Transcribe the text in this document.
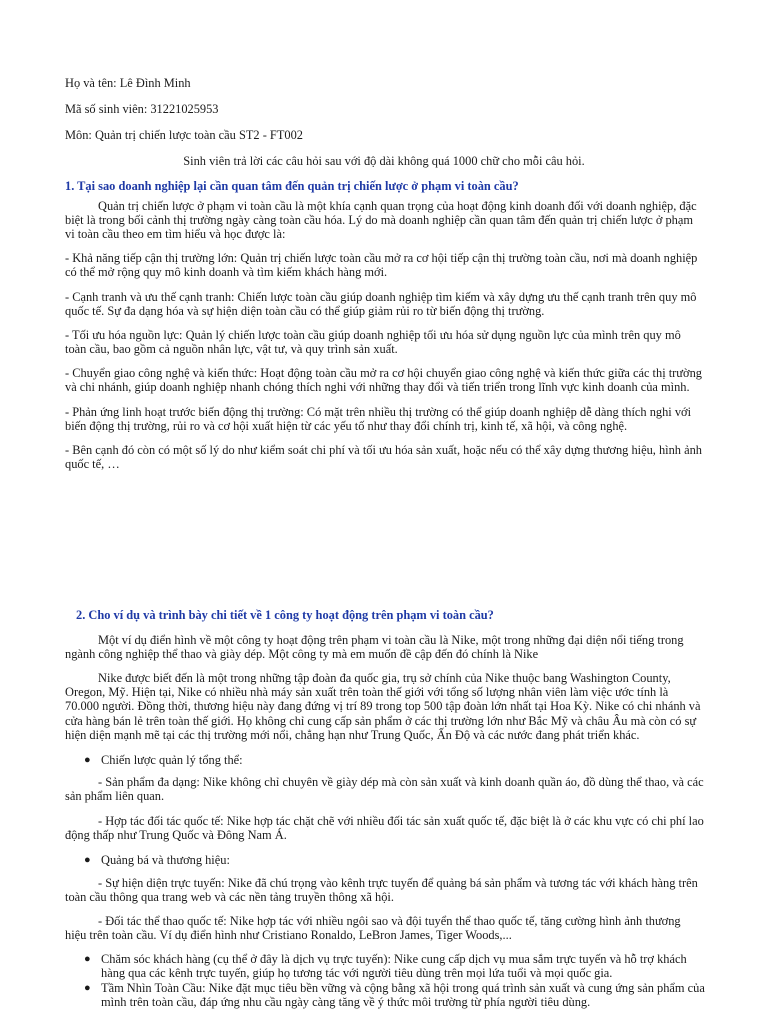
Họ và tên: Lê Đình Minh

Mã số sinh viên: 31221025953

Môn: Quản trị chiến lược toàn cầu ST2 - FT002

Sinh viên trả lời các câu hỏi sau với độ dài không quá 1000 chữ cho mỗi câu hỏi.

1. Tại sao doanh nghiệp lại cần quan tâm đến quản trị chiến lược ở phạm vi toàn cầu?

Quản trị chiến lược ở phạm vi toàn cầu là một khía cạnh quan trọng của hoạt động kinh doanh đối với doanh nghiệp, đặc biệt là trong bối cảnh thị trường ngày càng toàn cầu hóa. Lý do mà doanh nghiệp cần quan tâm đến quản trị chiến lược ở phạm vi toàn cầu theo em tìm hiểu và học được là:

- Khả năng tiếp cận thị trường lớn: Quản trị chiến lược toàn cầu mở ra cơ hội tiếp cận thị trường toàn cầu, nơi mà doanh nghiệp có thể mở rộng quy mô kinh doanh và tìm kiếm khách hàng mới.

- Cạnh tranh và ưu thế cạnh tranh: Chiến lược toàn cầu giúp doanh nghiệp tìm kiếm và xây dựng ưu thế cạnh tranh trên quy mô quốc tế. Sự đa dạng hóa và sự hiện diện toàn cầu có thể giúp giảm rủi ro từ biến động thị trường.

- Tối ưu hóa nguồn lực: Quản lý chiến lược toàn cầu giúp doanh nghiệp tối ưu hóa sử dụng nguồn lực của mình trên quy mô toàn cầu, bao gồm cả nguồn nhân lực, vật tư, và quy trình sản xuất.

- Chuyển giao công nghệ và kiến thức: Hoạt động toàn cầu mở ra cơ hội chuyển giao công nghệ và kiến thức giữa các thị trường và chi nhánh, giúp doanh nghiệp nhanh chóng thích nghi với những thay đổi và tiến triển trong lĩnh vực kinh doanh của mình.

- Phản ứng linh hoạt trước biến động thị trường: Có mặt trên nhiều thị trường có thể giúp doanh nghiệp dễ dàng thích nghi với biến động thị trường, rủi ro và cơ hội xuất hiện từ các yếu tố như thay đổi chính trị, kinh tế, xã hội, và công nghệ.

- Bên cạnh đó còn có một số lý do như kiểm soát chi phí và tối ưu hóa sản xuất, hoặc nếu có thể xây dựng thương hiệu, hình ảnh quốc tế, …

2. Cho ví dụ và trình bày chi tiết về 1 công ty hoạt động trên phạm vi toàn cầu?

Một ví dụ điển hình về một công ty hoạt động trên phạm vi toàn cầu là Nike, một trong những đại diện nổi tiếng trong ngành công nghiệp thể thao và giày dép. Một công ty mà em muốn đề cập đến đó chính là Nike

Nike được biết đến là một trong những tập đoàn đa quốc gia, trụ sở chính của Nike thuộc bang Washington County, Oregon, Mỹ. Hiện tại, Nike có nhiều nhà máy sản xuất trên toàn thế giới với tổng số lượng nhân viên làm việc ước tính là 70.000 người. Đồng thời, thương hiệu này đang đứng vị trí 89 trong top 500 tập đoàn lớn nhất tại Hoa Kỳ. Nike có chi nhánh và cửa hàng bán lẻ trên toàn thế giới. Họ không chỉ cung cấp sản phẩm ở các thị trường lớn như Bắc Mỹ và châu Âu mà còn có sự hiện diện mạnh mẽ tại các thị trường mới nổi, chẳng hạn như Trung Quốc, Ấn Độ và các nước đang phát triển khác.

● Chiến lược quản lý tổng thể:

- Sản phẩm đa dạng: Nike không chỉ chuyên về giày dép mà còn sản xuất và kinh doanh quần áo, đồ dùng thể thao, và các sản phẩm liên quan.

- Hợp tác đối tác quốc tế: Nike hợp tác chặt chẽ với nhiều đối tác sản xuất quốc tế, đặc biệt là ở các khu vực có chi phí lao động thấp như Trung Quốc và Đông Nam Á.

● Quảng bá và thương hiệu:

- Sự hiện diện trực tuyến: Nike đã chú trọng vào kênh trực tuyến để quảng bá sản phẩm và tương tác với khách hàng trên toàn cầu thông qua trang web và các nền tảng truyền thông xã hội.

- Đối tác thể thao quốc tế: Nike hợp tác với nhiều ngôi sao và đội tuyển thể thao quốc tế, tăng cường hình ảnh thương hiệu trên toàn cầu. Ví dụ điển hình như Cristiano Ronaldo, LeBron James, Tiger Woods,...

● Chăm sóc khách hàng (cụ thể ở đây là dịch vụ trực tuyến): Nike cung cấp dịch vụ mua sắm trực tuyến và hỗ trợ khách hàng qua các kênh trực tuyến, giúp họ tương tác với người tiêu dùng trên mọi lứa tuổi và mọi quốc gia.
● Tầm Nhìn Toàn Cầu: Nike đặt mục tiêu bền vững và cộng bằng xã hội trong quá trình sản xuất và cung ứng sản phẩm của mình trên toàn cầu, đáp ứng nhu cầu ngày càng tăng về ý thức môi trường từ phía người tiêu dùng.
